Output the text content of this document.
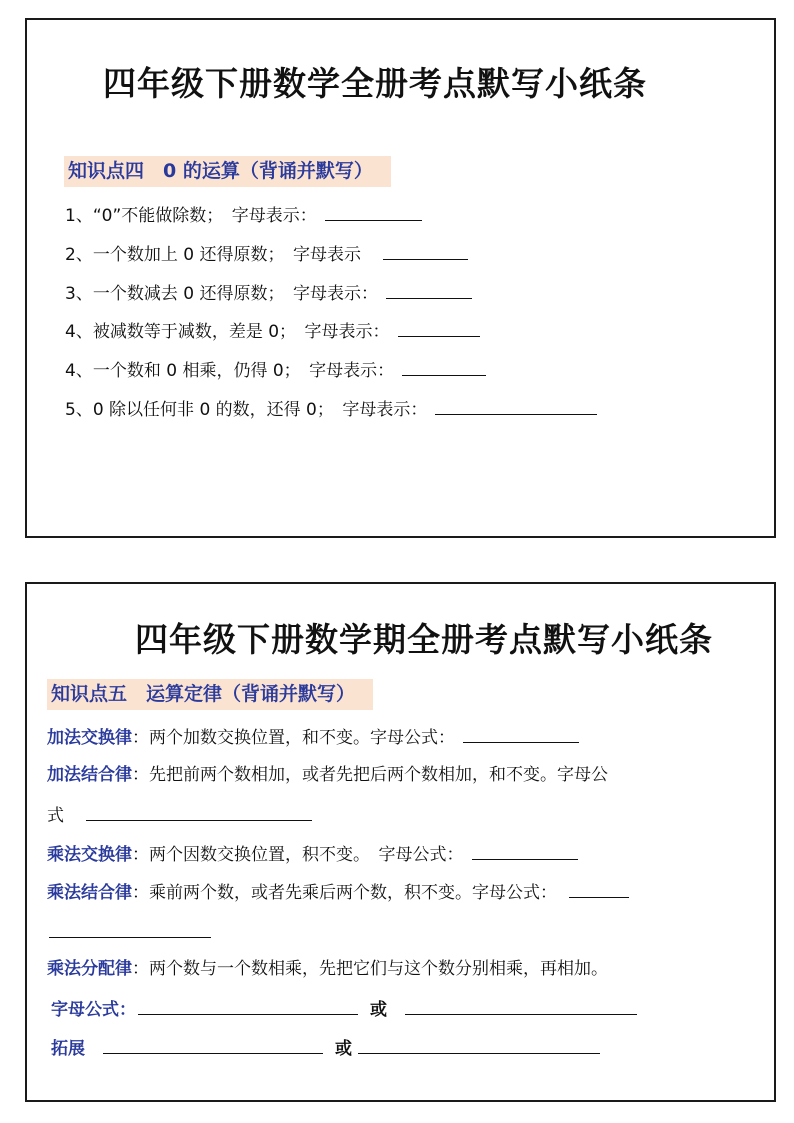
四年级下册数学全册考点默写小纸条
知识点四　0 的运算（背诵并默写）
1、“0”不能做除数；　字母表示：
2、一个数加上 0 还得原数；　字母表示
3、一个数减去 0 还得原数；　字母表示：
4、被减数等于减数，差是 0；　字母表示：
4、一个数和 0 相乘，仍得 0；　字母表示：
5、0 除以任何非 0 的数，还得 0；　字母表示：
四年级下册数学期全册考点默写小纸条
知识点五　运算定律（背诵并默写）
加法交换律：两个加数交换位置，和不变。字母公式：
加法结合律：先把前两个数相加，或者先把后两个数相加，和不变。字母公
式
乘法交换律：两个因数交换位置，积不变。　字母公式：
乘法结合律：乘前两个数，或者先乘后两个数，积不变。字母公式：
乘法分配律：两个数与一个数相乘，先把它们与这个数分别相乘，再相加。
字母公式：	或
拓展	或
